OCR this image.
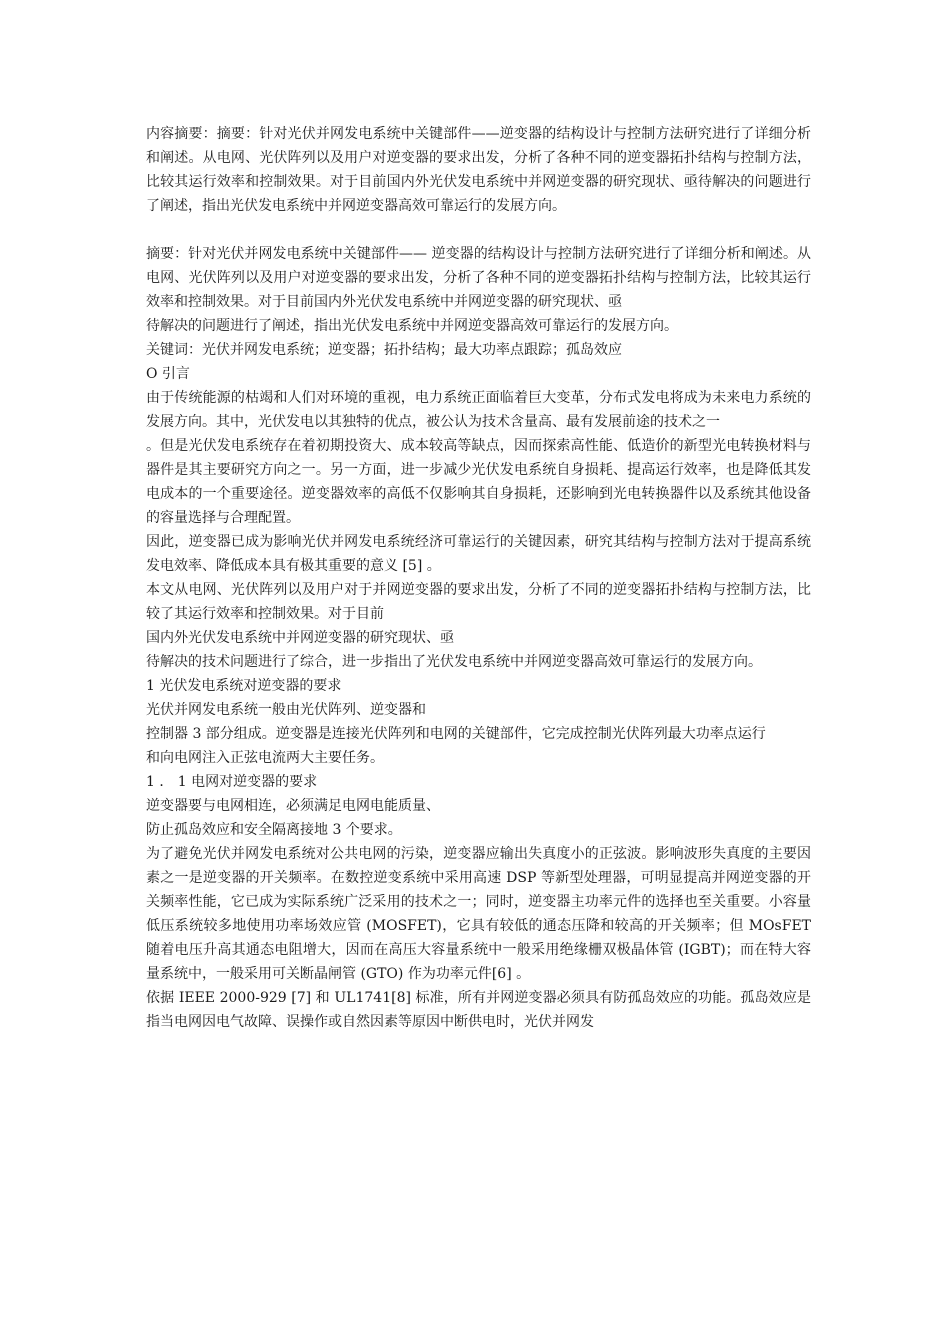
内容摘要：摘要：针对光伏并网发电系统中关键部件——逆变器的结构设计与控制方法研究进行了详细分析和阐述。从电网、光伏阵列以及用户对逆变器的要求出发，分析了各种不同的逆变器拓扑结构与控制方法，比较其运行效率和控制效果。对于目前国内外光伏发电系统中并网逆变器的研究现状、亟待解决的问题进行了阐述，指出光伏发电系统中并网逆变器高效可靠运行的发展方向。

摘要：针对光伏并网发电系统中关键部件—— 逆变器的结构设计与控制方法研究进行了详细分析和阐述。从电网、光伏阵列以及用户对逆变器的要求出发，分析了各种不同的逆变器拓扑结构与控制方法，比较其运行效率和控制效果。对于目前国内外光伏发电系统中并网逆变器的研究现状、亟

待解决的问题进行了阐述，指出光伏发电系统中并网逆变器高效可靠运行的发展方向。

关键词：光伏并网发电系统；逆变器；拓扑结构；最大功率点跟踪；孤岛效应

O 引言

由于传统能源的枯竭和人们对环境的重视，电力系统正面临着巨大变革，分布式发电将成为未来电力系统的发展方向。其中，光伏发电以其独特的优点，被公认为技术含量高、最有发展前途的技术之一

。但是光伏发电系统存在着初期投资大、成本较高等缺点，因而探索高性能、低造价的新型光电转换材料与器件是其主要研究方向之一。另一方面，进一步减少光伏发电系统自身损耗、提高运行效率，也是降低其发电成本的一个重要途径。逆变器效率的高低不仅影响其自身损耗，还影响到光电转换器件以及系统其他设备的容量选择与合理配置。

因此，逆变器已成为影响光伏并网发电系统经济可靠运行的关键因素，研究其结构与控制方法对于提高系统发电效率、降低成本具有极其重要的意义 [5] 。

本文从电网、光伏阵列以及用户对于并网逆变器的要求出发，分析了不同的逆变器拓扑结构与控制方法，比较了其运行效率和控制效果。对于目前

国内外光伏发电系统中并网逆变器的研究现状、亟

待解决的技术问题进行了综合，进一步指出了光伏发电系统中并网逆变器高效可靠运行的发展方向。

1 光伏发电系统对逆变器的要求

光伏并网发电系统一般由光伏阵列、逆变器和

控制器 3 部分组成。逆变器是连接光伏阵列和电网的关键部件，它完成控制光伏阵列最大功率点运行

和向电网注入正弦电流两大主要任务。

1 ． 1 电网对逆变器的要求

逆变器要与电网相连，必须满足电网电能质量、

防止孤岛效应和安全隔离接地 3 个要求。

为了避免光伏并网发电系统对公共电网的污染，逆变器应输出失真度小的正弦波。影响波形失真度的主要因素之一是逆变器的开关频率。在数控逆变系统中采用高速 DSP 等新型处理器，可明显提高并网逆变器的开关频率性能，它已成为实际系统广泛采用的技术之一；同时，逆变器主功率元件的选择也至关重要。小容量低压系统较多地使用功率场效应管 (MOSFET)，它具有较低的通态压降和较高的开关频率；但 MOsFET 随着电压升高其通态电阻增大，因而在高压大容量系统中一般采用绝缘栅双极晶体管 (IGBT)；而在特大容量系统中，一般采用可关断晶闸管 (GTO) 作为功率元件[6] 。

依据 IEEE 2000-929 [7] 和 UL1741[8] 标准，所有并网逆变器必须具有防孤岛效应的功能。孤岛效应是指当电网因电气故障、误操作或自然因素等原因中断供电时，光伏并网发
